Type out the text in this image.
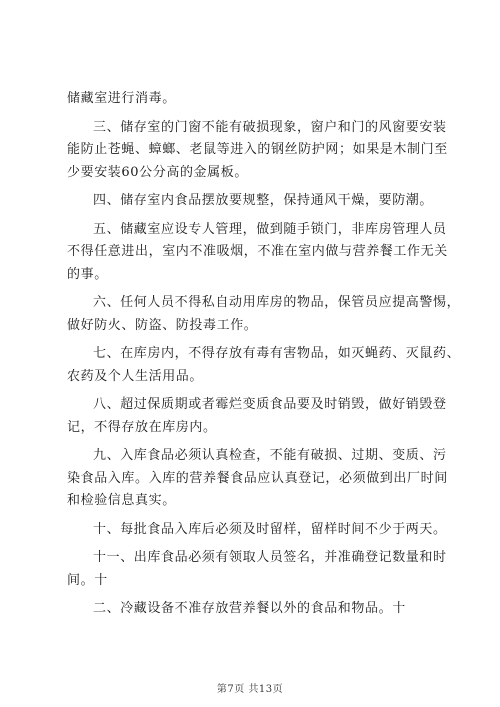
储藏室进行消毒。

三、储存室的门窗不能有破损现象，窗户和门的风窗要安装
能防止苍蝇、蟑螂、老鼠等进入的钢丝防护网；如果是木制门至
少要安装60公分高的金属板。

四、储存室内食品摆放要规整，保持通风干燥，要防潮。

五、储藏室应设专人管理，做到随手锁门，非库房管理人员
不得任意进出，室内不准吸烟，不准在室内做与营养餐工作无关
的事。

六、任何人员不得私自动用库房的物品，保管员应提高警惕，
做好防火、防盗、防投毒工作。

七、在库房内，不得存放有毒有害物品，如灭蝇药、灭鼠药、
农药及个人生活用品。

八、超过保质期或者霉烂变质食品要及时销毁，做好销毁登
记，不得存放在库房内。

九、入库食品必须认真检查，不能有破损、过期、变质、污
染食品入库。入库的营养餐食品应认真登记，必须做到出厂时间
和检验信息真实。

十、每批食品入库后必须及时留样，留样时间不少于两天。

十一、出库食品必须有领取人员签名，并准确登记数量和时
间。十

二、冷藏设备不准存放营养餐以外的食品和物品。十

第7页 共13页
